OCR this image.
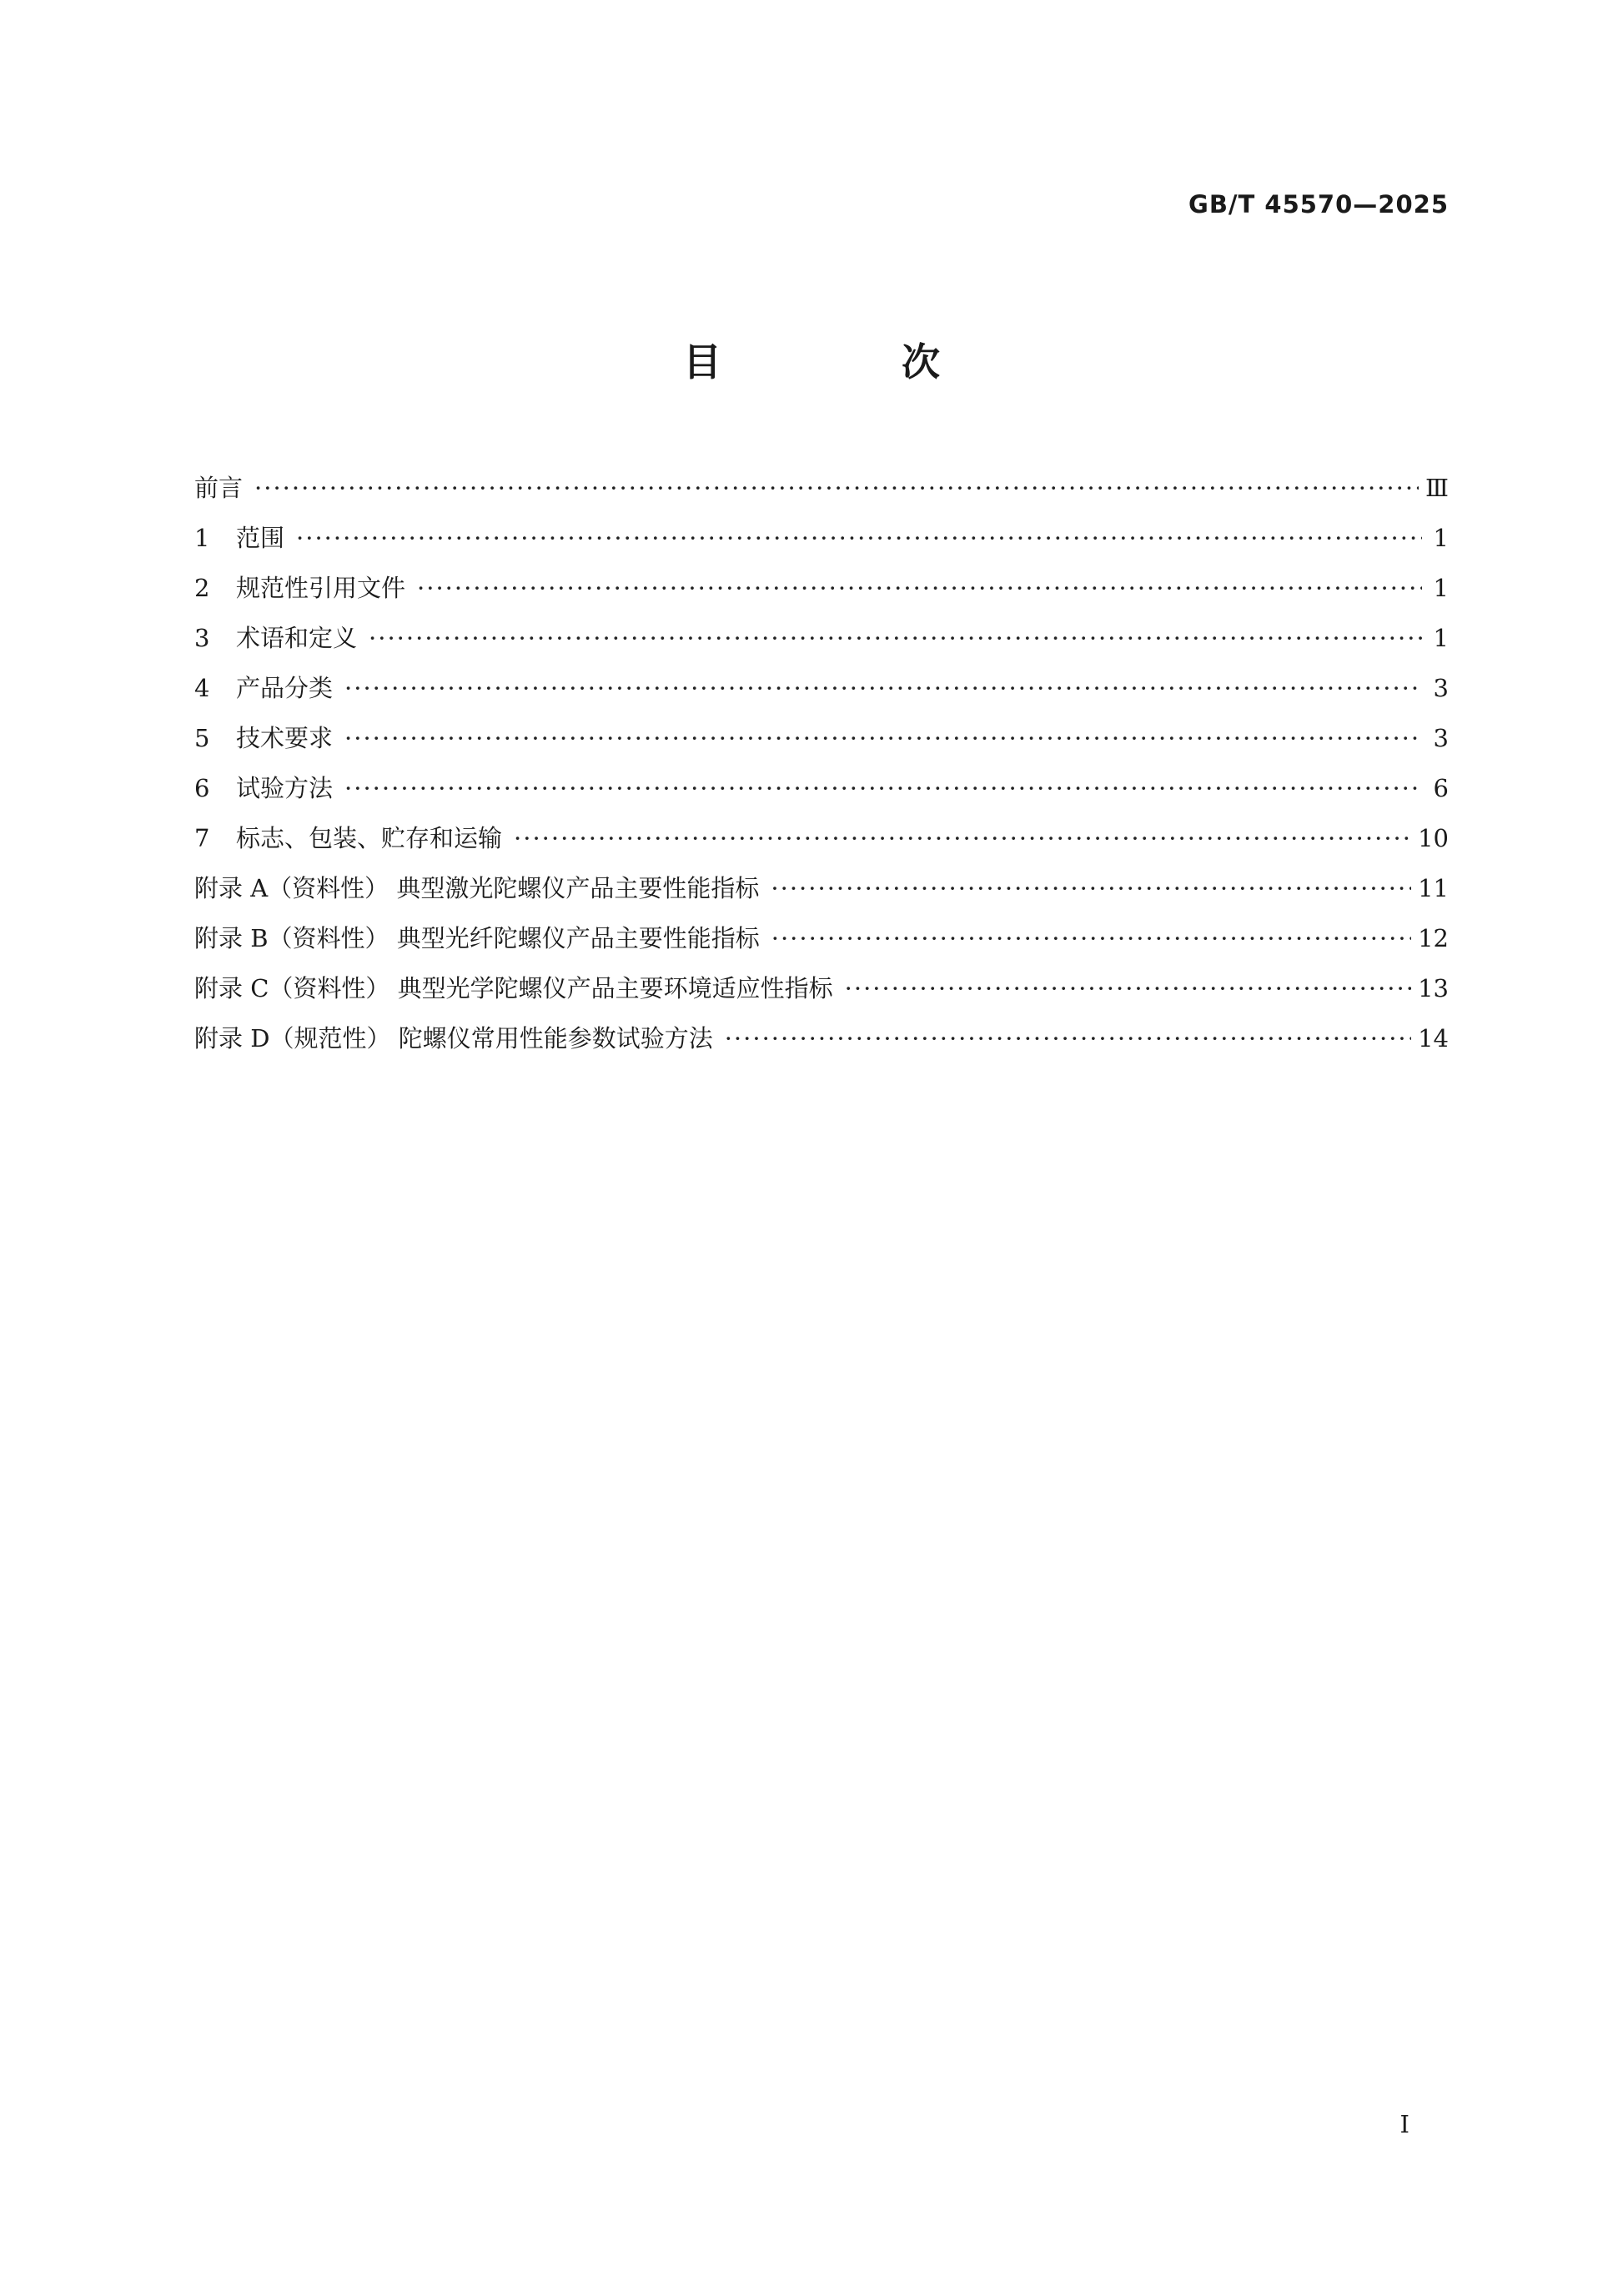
GB/T 45570—2025
目 次
前言 ·····	Ⅲ
1	范围 ·····	1
2	规范性引用文件 ·····	1
3	术语和定义 ·····	1
4	产品分类 ·····	3
5	技术要求 ·····	3
6	试验方法 ·····	6
7	标志、包装、贮存和运输 ·····	10
附录 A（资料性） 典型激光陀螺仪产品主要性能指标 ·····	11
附录 B（资料性） 典型光纤陀螺仪产品主要性能指标 ·····	12
附录 C（资料性） 典型光学陀螺仪产品主要环境适应性指标 ·····	13
附录 D（规范性） 陀螺仪常用性能参数试验方法 ·····	14
I
